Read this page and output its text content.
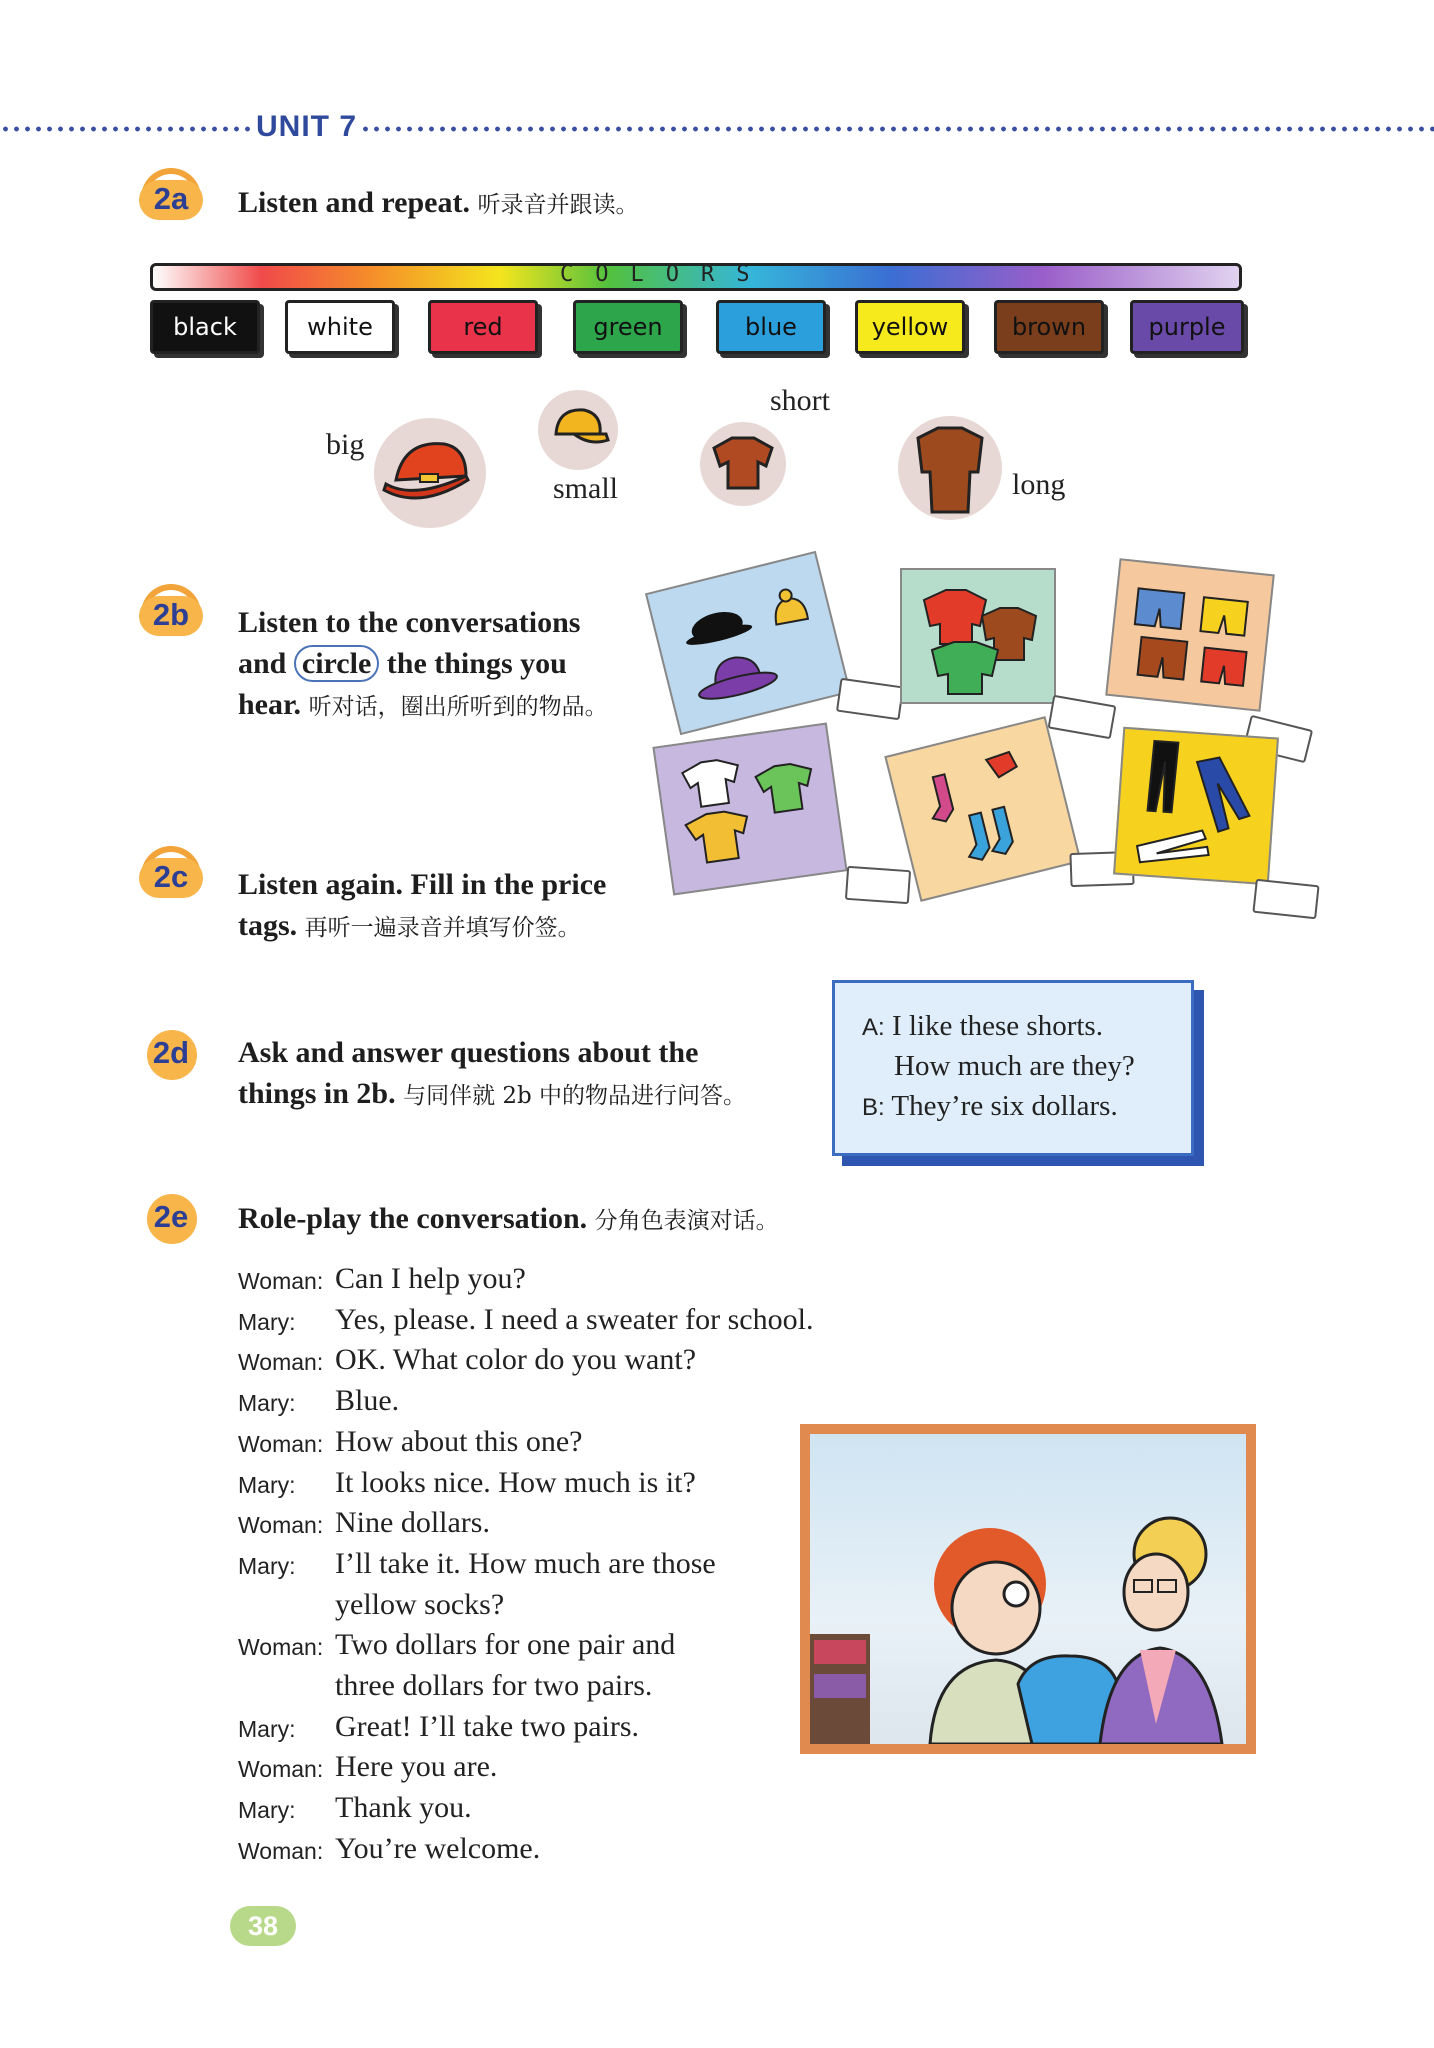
UNIT 7
2a	Listen and repeat. 听录音并跟读。
COLORS
black	white	red	green	blue	yellow	brown	purple
big
small
short
long
2b	Listen to the conversations
and circle the things you
hear. 听对话，圈出所听到的物品。
2c	Listen again. Fill in the price
tags. 再听一遍录音并填写价签。
2d	Ask and answer questions about the
things in 2b. 与同伴就 2b 中的物品进行问答。
A: I like these shorts.
How much are they?
B: They’re six dollars.
2e	Role-play the conversation. 分角色表演对话。
Woman: Can I help you?
Mary: Yes, please. I need a sweater for school.
Woman: OK. What color do you want?
Mary: Blue.
Woman: How about this one?
Mary: It looks nice. How much is it?
Woman: Nine dollars.
Mary: I’ll take it. How much are those
yellow socks?
Woman: Two dollars for one pair and
three dollars for two pairs.
Mary: Great! I’ll take two pairs.
Woman: Here you are.
Mary: Thank you.
Woman: You’re welcome.
38
